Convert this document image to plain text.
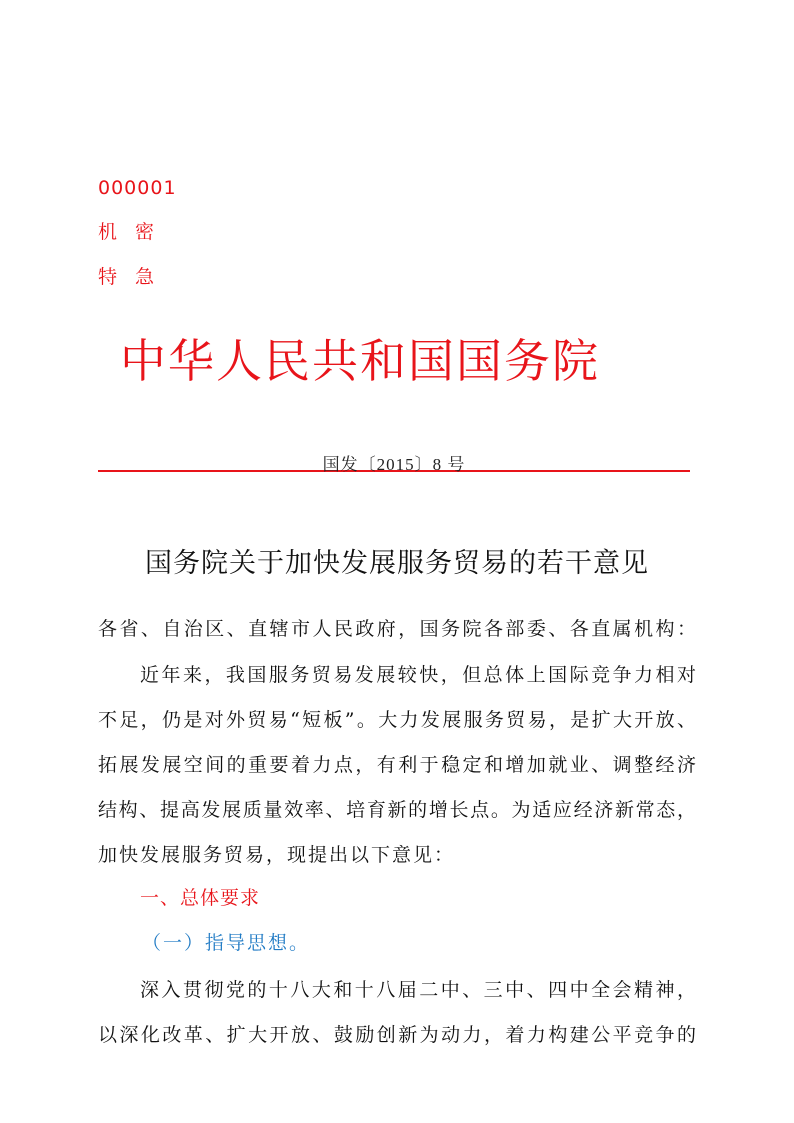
000001
机密
特急
中华人民共和国国务院
国发〔2015〕8 号
国务院关于加快发展服务贸易的若干意见
各省、自治区、直辖市人民政府，国务院各部委、各直属机构：
近年来，我国服务贸易发展较快，但总体上国际竞争力相对
不足，仍是对外贸易“短板”。大力发展服务贸易，是扩大开放、
拓展发展空间的重要着力点，有利于稳定和增加就业、调整经济
结构、提高发展质量效率、培育新的增长点。为适应经济新常态，
加快发展服务贸易，现提出以下意见：
一、总体要求
（一）指导思想。
深入贯彻党的十八大和十八届二中、三中、四中全会精神，
以深化改革、扩大开放、鼓励创新为动力，着力构建公平竞争的
